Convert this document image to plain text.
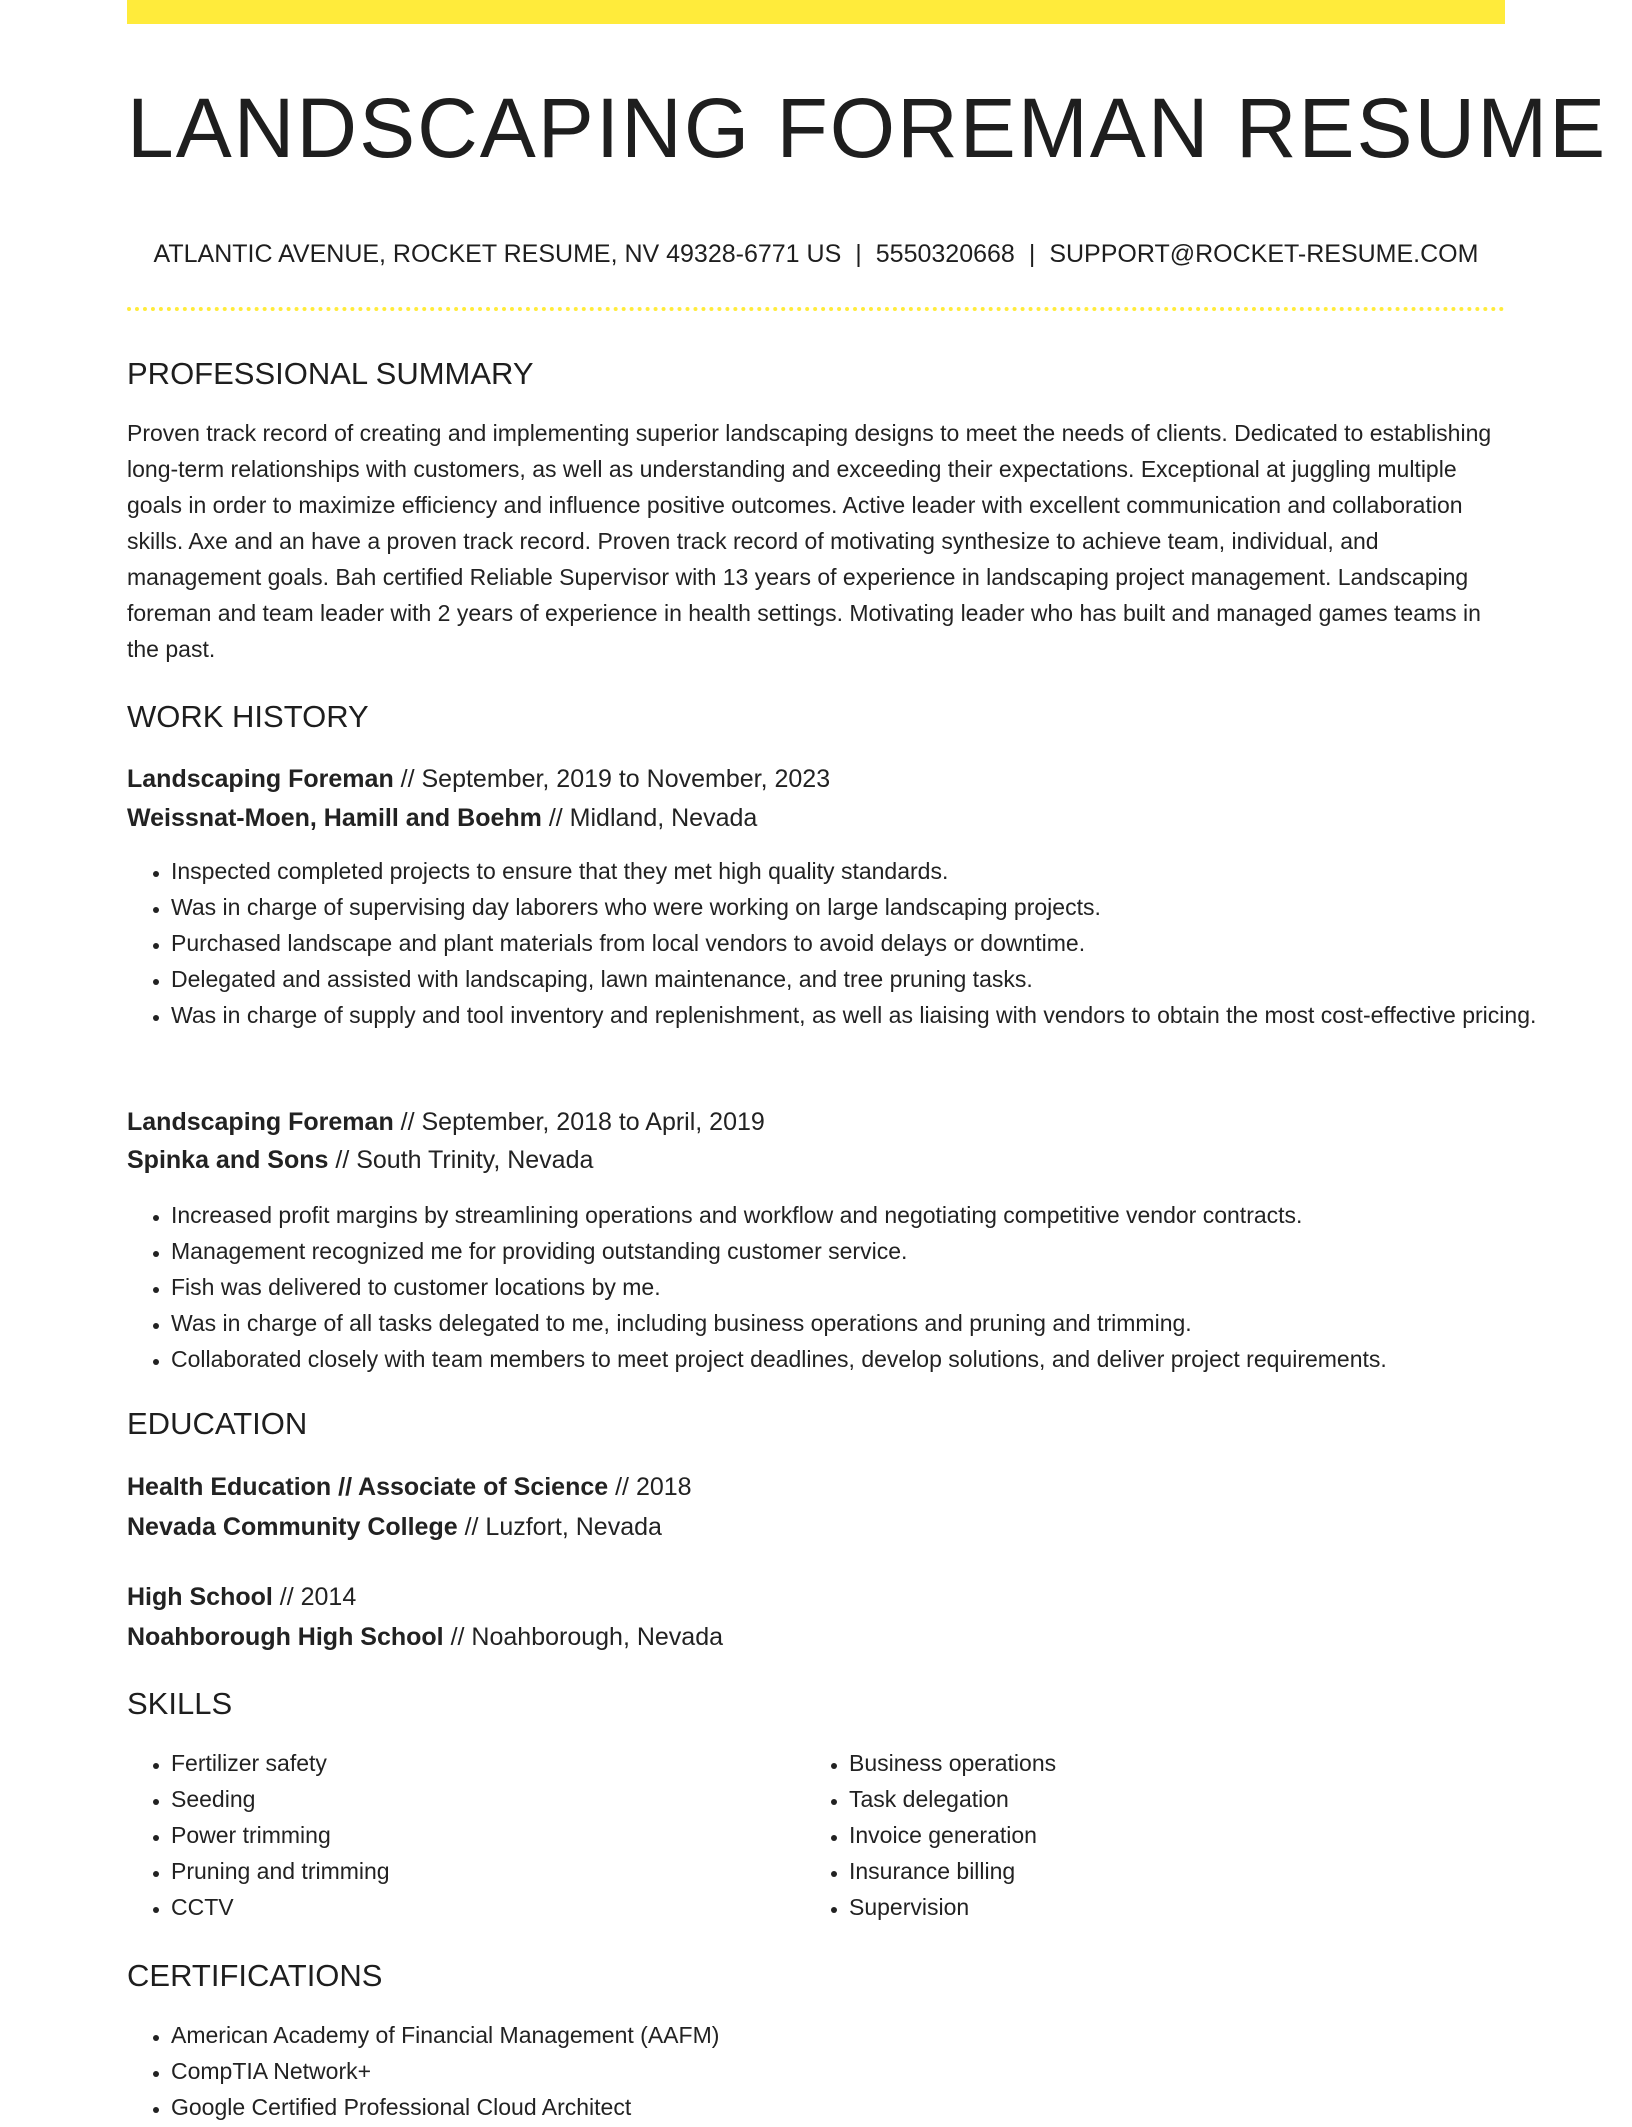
LANDSCAPING FOREMAN RESUME
ATLANTIC AVENUE, ROCKET RESUME, NV 49328-6771 US | 5550320668 | SUPPORT@ROCKET-RESUME.COM
PROFESSIONAL SUMMARY

Proven track record of creating and implementing superior landscaping designs to meet the needs of clients. Dedicated to establishing long-term relationships with customers, as well as understanding and exceeding their expectations. Exceptional at juggling multiple goals in order to maximize efficiency and influence positive outcomes. Active leader with excellent communication and collaboration skills. Axe and an have a proven track record. Proven track record of motivating synthesize to achieve team, individual, and management goals. Bah certified Reliable Supervisor with 13 years of experience in landscaping project management. Landscaping foreman and team leader with 2 years of experience in health settings. Motivating leader who has built and managed games teams in the past.

WORK HISTORY
Landscaping Foreman // September, 2019 to November, 2023
Weissnat-Moen, Hamill and Boehm // Midland, Nevada
• Inspected completed projects to ensure that they met high quality standards.
• Was in charge of supervising day laborers who were working on large landscaping projects.
• Purchased landscape and plant materials from local vendors to avoid delays or downtime.
• Delegated and assisted with landscaping, lawn maintenance, and tree pruning tasks.
• Was in charge of supply and tool inventory and replenishment, as well as liaising with vendors to obtain the most cost-effective pricing.
Landscaping Foreman // September, 2018 to April, 2019
Spinka and Sons // South Trinity, Nevada
• Increased profit margins by streamlining operations and workflow and negotiating competitive vendor contracts.
• Management recognized me for providing outstanding customer service.
• Fish was delivered to customer locations by me.
• Was in charge of all tasks delegated to me, including business operations and pruning and trimming.
• Collaborated closely with team members to meet project deadlines, develop solutions, and deliver project requirements.
EDUCATION
Health Education // Associate of Science // 2018
Nevada Community College // Luzfort, Nevada
High School // 2014
Noahborough High School // Noahborough, Nevada
SKILLS
• Fertilizer safety
• Seeding
• Power trimming
• Pruning and trimming
• CCTV
• Business operations
• Task delegation
• Invoice generation
• Insurance billing
• Supervision
CERTIFICATIONS
• American Academy of Financial Management (AAFM)
• CompTIA Network+
• Google Certified Professional Cloud Architect
